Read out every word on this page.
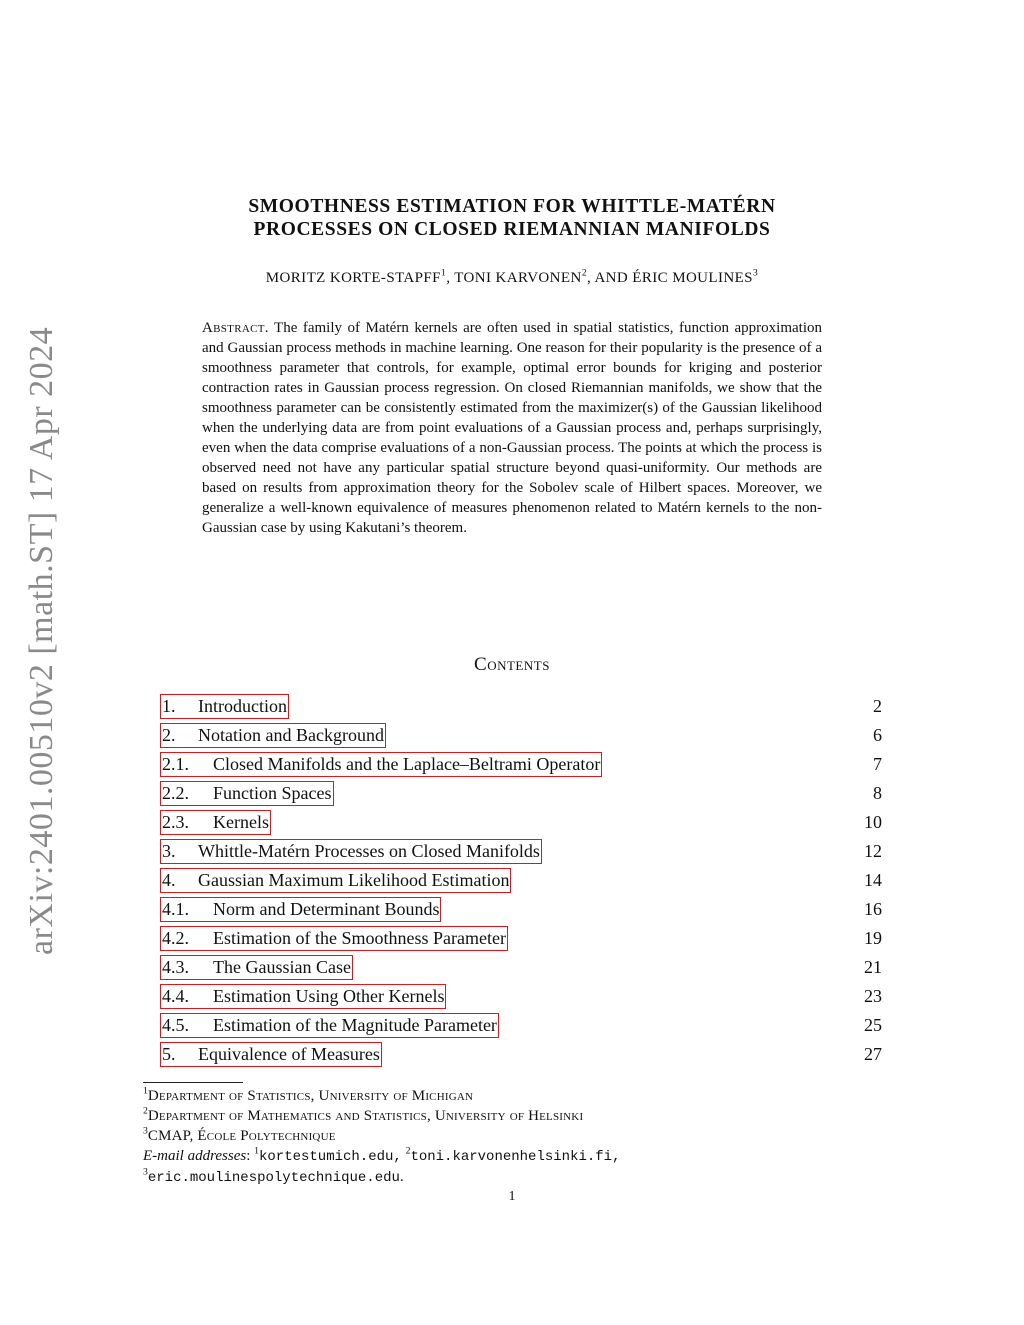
arXiv:2401.00510v2 [math.ST] 17 Apr 2024
SMOOTHNESS ESTIMATION FOR WHITTLE-MATÉRN
PROCESSES ON CLOSED RIEMANNIAN MANIFOLDS
MORITZ KORTE-STAPFF$^1$, TONI KARVONEN$^2$, AND ÉRIC MOULINES$^3$
Abstract. The family of Matérn kernels are often used in spatial statistics, function approximation and Gaussian process methods in machine learning. One reason for their popularity is the presence of a smoothness parameter that controls, for example, optimal error bounds for kriging and posterior contraction rates in Gaussian process regression. On closed Riemannian manifolds, we show that the smoothness parameter can be consistently estimated from the maximizer(s) of the Gaussian likelihood when the underlying data are from point evaluations of a Gaussian process and, perhaps surprisingly, even when the data comprise evaluations of a non-Gaussian process. The points at which the process is observed need not have any particular spatial structure beyond quasi-uniformity. Our methods are based on results from approximation theory for the Sobolev scale of Hilbert spaces. Moreover, we generalize a well-known equivalence of measures phenomenon related to Matérn kernels to the non-Gaussian case by using Kakutani’s theorem.
Contents
1. Introduction	2
2. Notation and Background	6
2.1. Closed Manifolds and the Laplace–Beltrami Operator	7
2.2. Function Spaces	8
2.3. Kernels	10
3. Whittle-Matérn Processes on Closed Manifolds	12
4. Gaussian Maximum Likelihood Estimation	14
4.1. Norm and Determinant Bounds	16
4.2. Estimation of the Smoothness Parameter	19
4.3. The Gaussian Case	21
4.4. Estimation Using Other Kernels	23
4.5. Estimation of the Magnitude Parameter	25
5. Equivalence of Measures	27
$^1$Department of Statistics, University of Michigan
$^2$Department of Mathematics and Statistics, University of Helsinki
$^3$CMAP, École Polytechnique
E-mail addresses: $^1$kortestumich.edu, $^2$toni.karvonenhelsinki.fi,
$^3$eric.moulinespolytechnique.edu.
1
